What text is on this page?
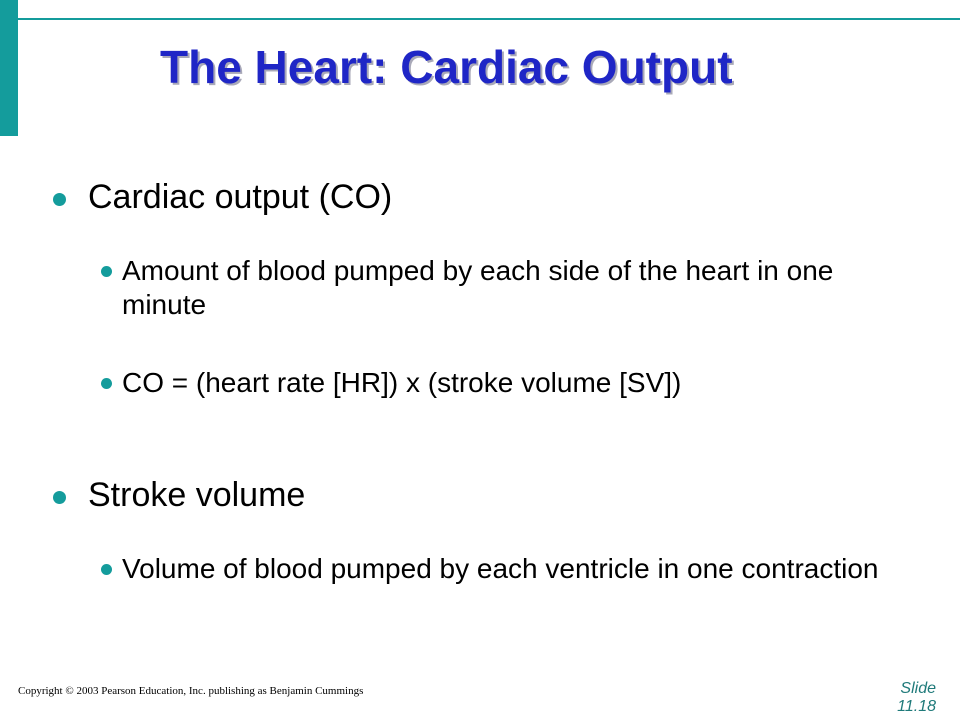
The Heart: Cardiac Output
Cardiac output (CO)
Amount of blood pumped by each side of the heart in one minute
CO = (heart rate [HR]) x (stroke volume [SV])
Stroke volume
Volume of blood pumped by each ventricle in one contraction
Copyright © 2003 Pearson Education, Inc. publishing as Benjamin Cummings	Slide
11.18
